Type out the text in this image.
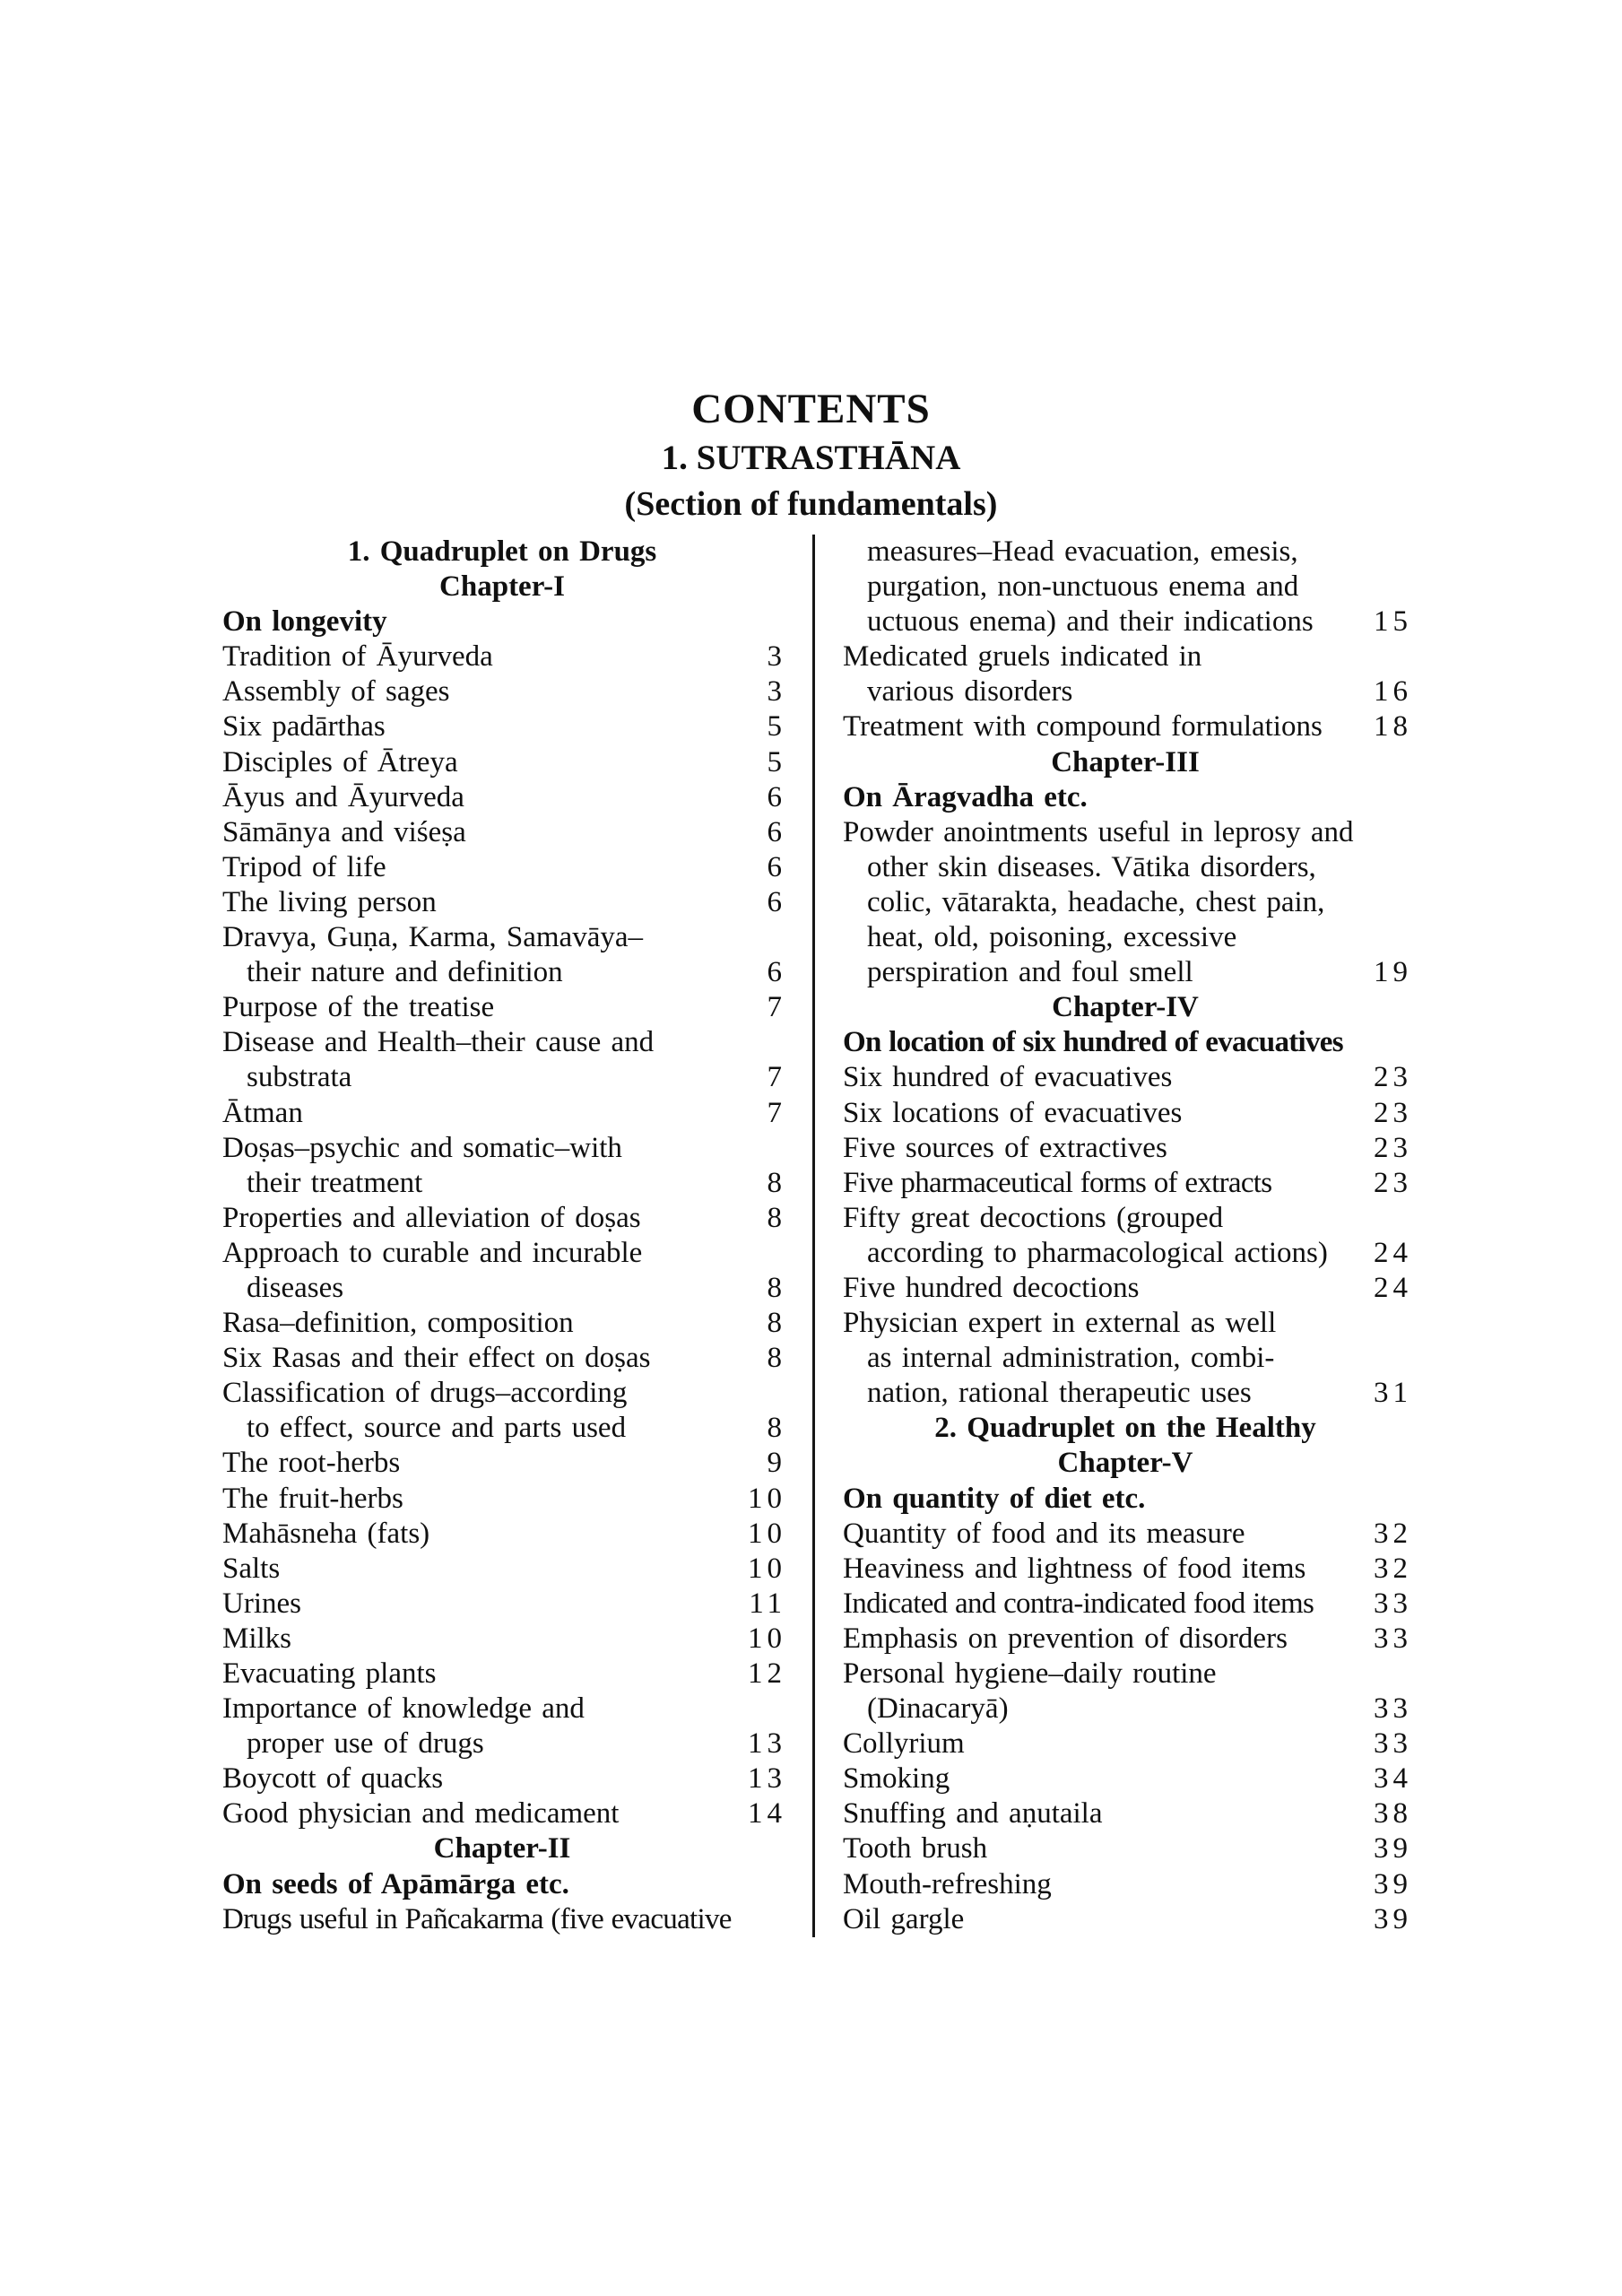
CONTENTS
1. SUTRASTHĀNA
(Section of fundamentals)
1. Quadruplet on Drugs
Chapter-I
On longevity
Tradition of Āyurveda	3
Assembly of sages	3
Six padārthas	5
Disciples of Ātreya	5
Āyus and Āyurveda	6
Sāmānya and viśeṣa	6
Tripod of life	6
The living person	6
Dravya, Guṇa, Karma, Samavāya–
their nature and definition	6
Purpose of the treatise	7
Disease and Health–their cause and
substrata	7
Ātman	7
Doṣas–psychic and somatic–with
their treatment	8
Properties and alleviation of doṣas	8
Approach to curable and incurable
diseases	8
Rasa–definition, composition	8
Six Rasas and their effect on doṣas	8
Classification of drugs–according
to effect, source and parts used	8
The root-herbs	9
The fruit-herbs	10
Mahāsneha (fats)	10
Salts	10
Urines	11
Milks	10
Evacuating plants	12
Importance of knowledge and
proper use of drugs	13
Boycott of quacks	13
Good physician and medicament	14
Chapter-II
On seeds of Apāmārga etc.
Drugs useful in Pañcakarma (five evacuative
measures–Head evacuation, emesis,
purgation, non-unctuous enema and
uctuous enema) and their indications	15
Medicated gruels indicated in
various disorders	16
Treatment with compound formulations	18
Chapter-III
On Āragvadha etc.
Powder anointments useful in leprosy and
other skin diseases. Vātika disorders,
colic, vātarakta, headache, chest pain,
heat, old, poisoning, excessive
perspiration and foul smell	19
Chapter-IV
On location of six hundred of evacuatives
Six hundred of evacuatives	23
Six locations of evacuatives	23
Five sources of extractives	23
Five pharmaceutical forms of extracts	23
Fifty great decoctions (grouped
according to pharmacological actions)	24
Five hundred decoctions	24
Physician expert in external as well
as internal administration, combi-
nation, rational therapeutic uses	31
2. Quadruplet on the Healthy
Chapter-V
On quantity of diet etc.
Quantity of food and its measure	32
Heaviness and lightness of food items	32
Indicated and contra-indicated food items	33
Emphasis on prevention of disorders	33
Personal hygiene–daily routine
(Dinacaryā)	33
Collyrium	33
Smoking	34
Snuffing and aṇutaila	38
Tooth brush	39
Mouth-refreshing	39
Oil gargle	39
